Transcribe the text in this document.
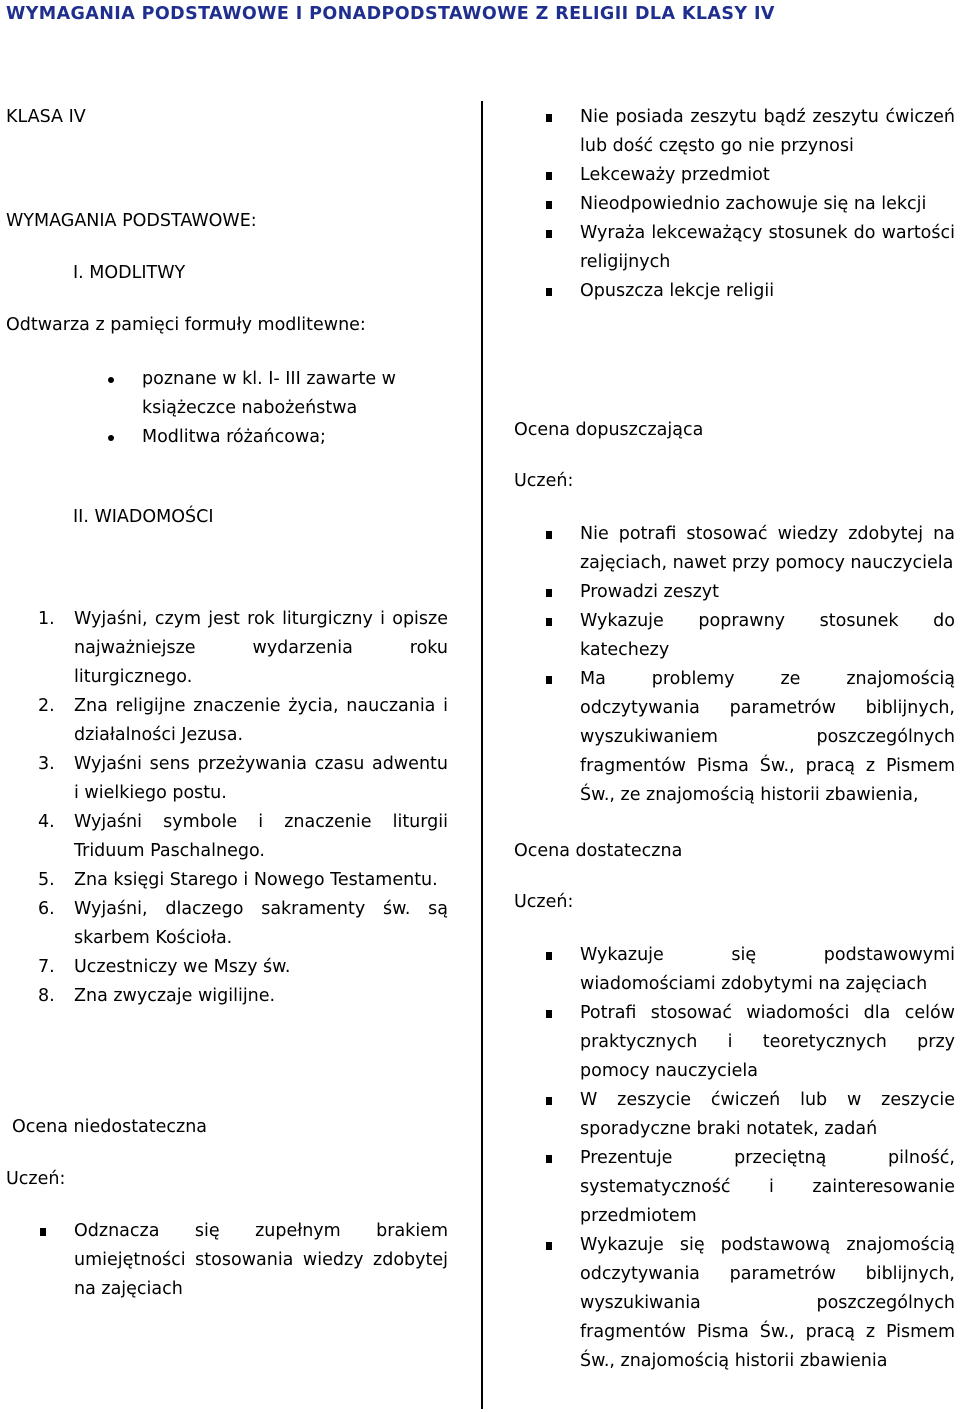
WYMAGANIA PODSTAWOWE I PONADPODSTAWOWE Z RELIGII DLA KLASY IV
KLASA IV
WYMAGANIA PODSTAWOWE:
I. MODLITWY
Odtwarza z pamięci formuły modlitewne:
poznane w kl. I- III zawarte w książeczce nabożeństwa
Modlitwa różańcowa;
II. WIADOMOŚCI
1. Wyjaśni, czym jest rok liturgiczny i opisze najważniejsze wydarzenia roku liturgicznego.
2. Zna religijne znaczenie życia, nauczania i działalności Jezusa.
3. Wyjaśni sens przeżywania czasu adwentu i wielkiego postu.
4. Wyjaśni symbole i znaczenie liturgii Triduum Paschalnego.
5. Zna księgi Starego i Nowego Testamentu.
6. Wyjaśni, dlaczego sakramenty św. są skarbem Kościoła.
7. Uczestniczy we Mszy św.
8. Zna zwyczaje wigilijne.
Ocena niedostateczna
Uczeń:
Odznacza się zupełnym brakiem umiejętności stosowania wiedzy zdobytej na zajęciach
Nie posiada zeszytu bądź zeszytu ćwiczeń lub dość często go nie przynosi
Lekceważy przedmiot
Nieodpowiednio zachowuje się na lekcji
Wyraża lekceważący stosunek do wartości religijnych
Opuszcza lekcje religii
Ocena dopuszczająca
Uczeń:
Nie potrafi stosować wiedzy zdobytej na zajęciach, nawet przy pomocy nauczyciela
Prowadzi zeszyt
Wykazuje poprawny stosunek do katechezy
Ma problemy ze znajomością odczytywania parametrów biblijnych, wyszukiwaniem poszczególnych fragmentów Pisma Św., pracą z Pismem Św., ze znajomością historii zbawienia,
Ocena dostateczna
Uczeń:
Wykazuje się podstawowymi wiadomościami zdobytymi na zajęciach
Potrafi stosować wiadomości dla celów praktycznych i teoretycznych przy pomocy nauczyciela
W zeszycie ćwiczeń lub w zeszycie sporadyczne braki notatek, zadań
Prezentuje przeciętną pilność, systematyczność i zainteresowanie przedmiotem
Wykazuje się podstawową znajomością odczytywania parametrów biblijnych, wyszukiwania poszczególnych fragmentów Pisma Św., pracą z Pismem Św., znajomością historii zbawienia
